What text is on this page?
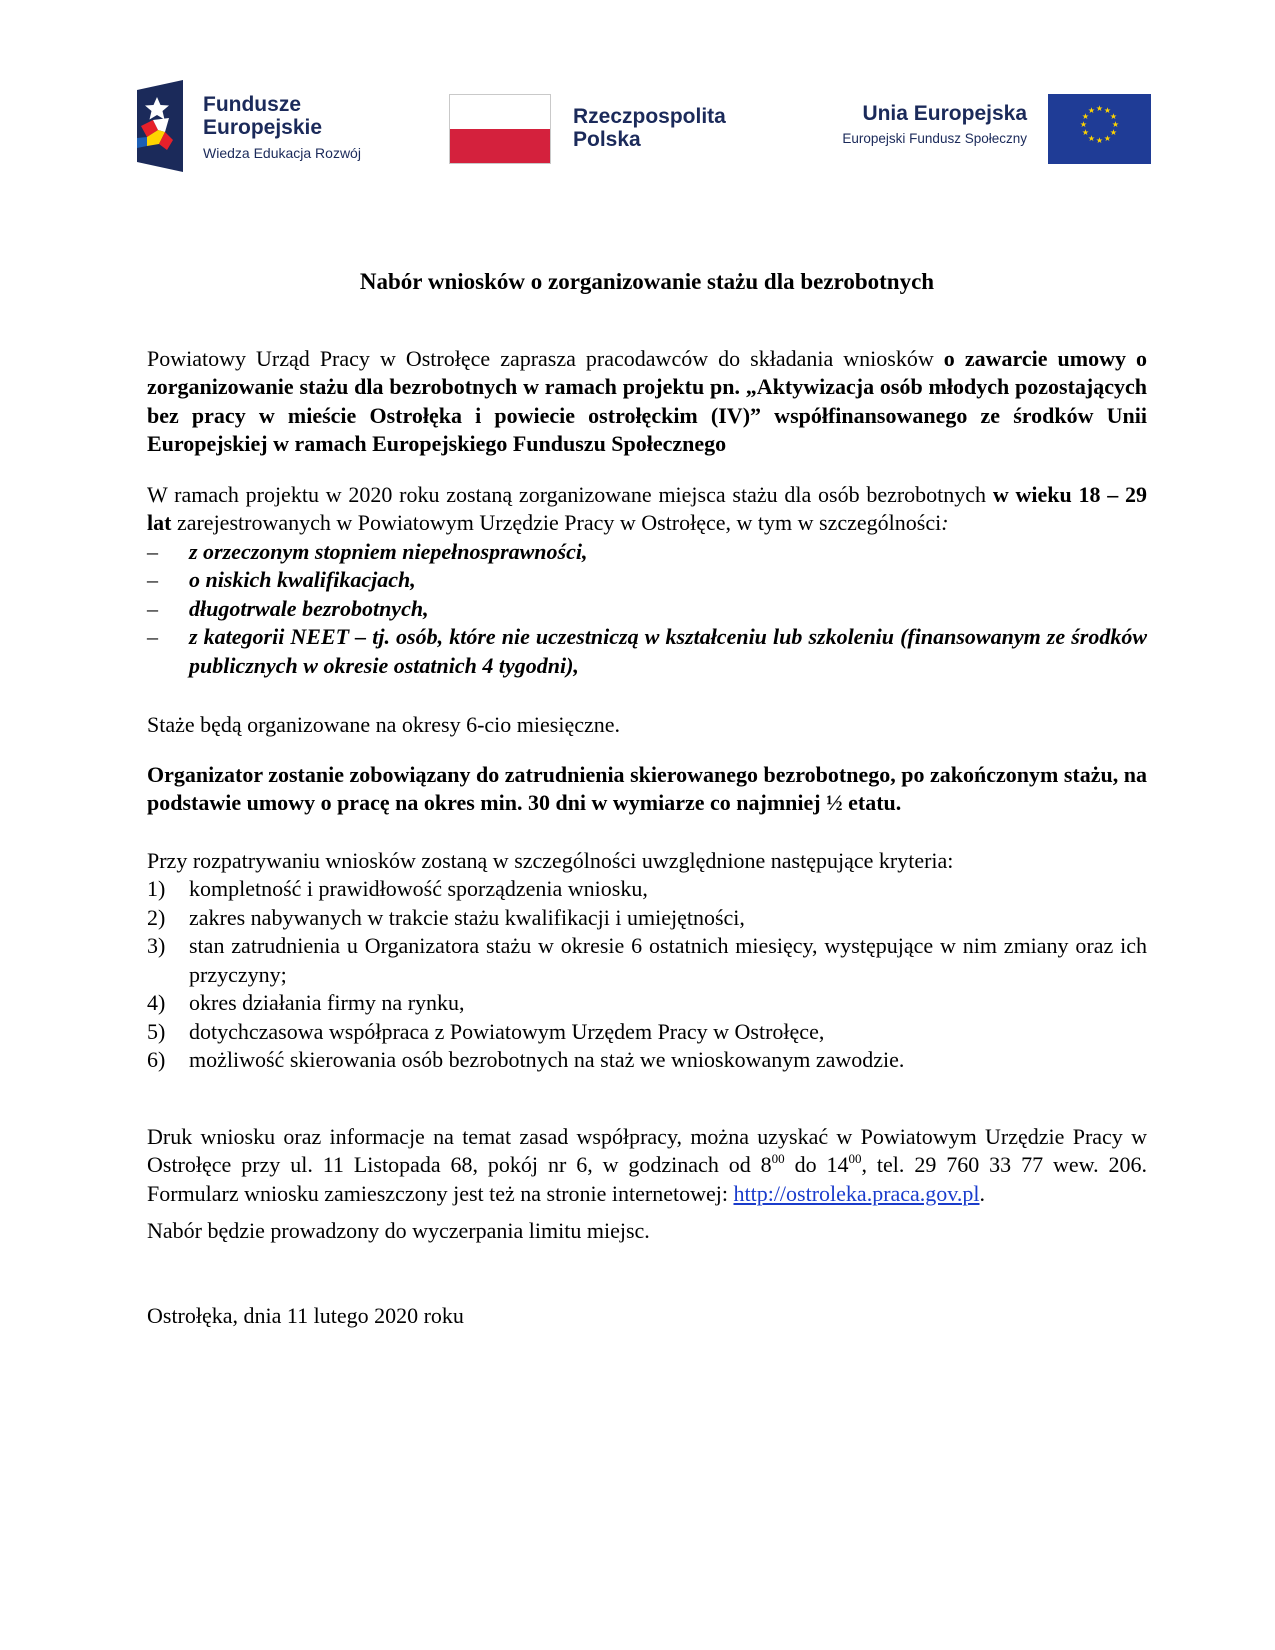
Fundusze
Europejskie
Wiedza Edukacja Rozwój
Rzeczpospolita
Polska
Unia Europejska
Europejski Fundusz Społeczny
★ ★
★
★
★
★
★
★
★
★
★
★
Nabór wniosków o zorganizowanie stażu dla bezrobotnych

Powiatowy Urząd Pracy w Ostrołęce zaprasza pracodawców do składania wniosków o zawarcie umowy o zorganizowanie stażu dla bezrobotnych w ramach projektu pn. „Aktywizacja osób młodych pozostających bez pracy w mieście Ostrołęka i powiecie ostrołęckim (IV)” współfinansowanego ze środków Unii Europejskiej w ramach Europejskiego Funduszu Społecznego

W ramach projektu w 2020 roku zostaną zorganizowane miejsca stażu dla osób bezrobotnych w wieku 18 – 29 lat zarejestrowanych w Powiatowym Urzędzie Pracy w Ostrołęce, w tym w szczególności:

– z orzeczonym stopniem niepełnosprawności,
– o niskich kwalifikacjach,
– długotrwale bezrobotnych,
– z kategorii NEET – tj. osób, które nie uczestniczą w kształceniu lub szkoleniu (finansowanym ze środków publicznych w okresie ostatnich 4 tygodni),

Staże będą organizowane na okresy 6-cio miesięczne.

Organizator zostanie zobowiązany do zatrudnienia skierowanego bezrobotnego, po zakończonym stażu, na podstawie umowy o pracę na okres min. 30 dni w wymiarze co najmniej ½ etatu.

Przy rozpatrywaniu wniosków zostaną w szczególności uwzględnione następujące kryteria:

1) kompletność i prawidłowość sporządzenia wniosku,
2) zakres nabywanych w trakcie stażu kwalifikacji i umiejętności,
3) stan zatrudnienia u Organizatora stażu w okresie 6 ostatnich miesięcy, występujące w nim zmiany oraz ich przyczyny;
4) okres działania firmy na rynku,
5) dotychczasowa współpraca z Powiatowym Urzędem Pracy w Ostrołęce,
6) możliwość skierowania osób bezrobotnych na staż we wnioskowanym zawodzie.

Druk wniosku oraz informacje na temat zasad współpracy, można uzyskać w Powiatowym Urzędzie Pracy w Ostrołęce przy ul. 11 Listopada 68, pokój nr 6, w godzinach od $8^{00}$ do $14^{00}$, tel. 29 760 33 77 wew. 206. Formularz wniosku zamieszczony jest też na stronie internetowej: http://ostroleka.praca.gov.pl.

Nabór będzie prowadzony do wyczerpania limitu miejsc.

Ostrołęka, dnia 11 lutego 2020 roku
